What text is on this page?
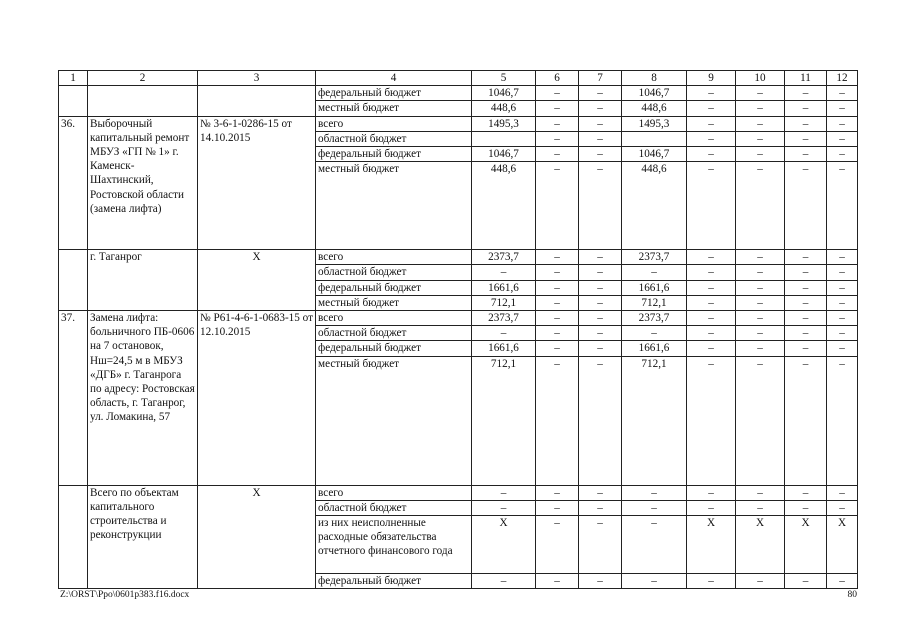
1	2	3	4	5	6	7	8	9	10	11	12
			федеральный бюджет	1046,7	–	–	1046,7	–	–	–	–
			местный бюджет	448,6	–	–	448,6	–	–	–	–
36.	Выборочный капитальный ремонт МБУЗ «ГП № 1» г. Каменск-Шахтинский, Ростовской области (замена лифта)	№ 3-6-1-0286-15 от 14.10.2015	всего	1495,3	–	–	1495,3	–	–	–	–
			областной бюджет		–	–		–	–	–	–
			федеральный бюджет	1046,7	–	–	1046,7	–	–	–	–
			местный бюджет	448,6	–	–	448,6	–	–	–	–
	г. Таганрог	Х	всего	2373,7	–	–	2373,7	–	–	–	–
			областной бюджет	–	–	–	–	–	–	–	–
			федеральный бюджет	1661,6	–	–	1661,6	–	–	–	–
			местный бюджет	712,1	–	–	712,1	–	–	–	–
37.	Замена лифта: больничного ПБ-0606 на 7 остановок, Нш=24,5 м в МБУЗ «ДГБ» г. Таганрога по адресу: Ростовская область, г. Таганрог, ул. Ломакина, 57	№ Р61-4-6-1-0683-15 от 12.10.2015	всего	2373,7	–	–	2373,7	–	–	–	–
			областной бюджет	–	–	–	–	–	–	–	–
			федеральный бюджет	1661,6	–	–	1661,6	–	–	–	–
			местный бюджет	712,1	–	–	712,1	–	–	–	–
	Всего по объектам капитального строительства и реконструкции	Х	всего	–	–	–	–	–	–	–	–
			областной бюджет	–	–	–	–	–	–	–	–
			из них неисполненные расходные обязательства отчетного финансового года	Х	–	–	–	Х	Х	Х	Х
			федеральный бюджет	–	–	–	–	–	–	–	–
Z:\ORST\Ppo\0601p383.f16.docx	80
